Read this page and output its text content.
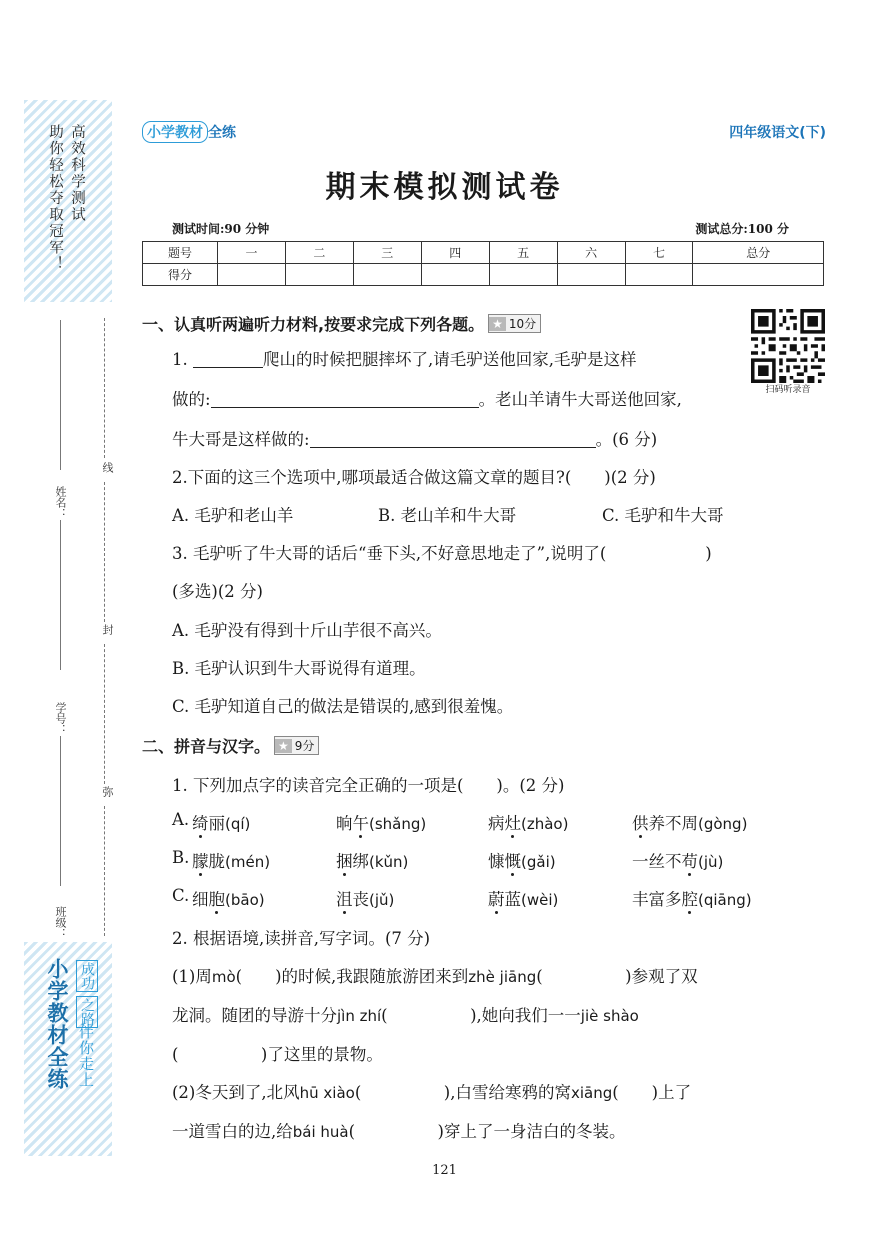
高效科学测试
助你轻松夺取冠军！
姓名：
学号：
班级：
线
封
弥
小学教材全练 伴你走上
成功
之路
小学教材 全练	四年级语文(下)
期末模拟测试卷
测试时间:90 分钟	测试总分:100 分
题号	一	二	三	四	五	六	七	总分
得分								
一、认真听两遍听力材料,按要求完成下列各题。 ★ 10分
扫码听录音
1.	爬山的时候把腿摔坏了,请毛驴送他回家,毛驴是这样
做的:	。老山羊请牛大哥送他回家,
牛大哥是这样做的:	。(6 分)
2.下面的这三个选项中,哪项最适合做这篇文章的题目?(　　)(2 分)
A. 毛驴和老山羊	B. 老山羊和牛大哥	C. 毛驴和牛大哥
3. 毛驴听了牛大哥的话后“垂下头,不好意思地走了”,说明了(　　　　　　)
(多选)(2 分)
A. 毛驴没有得到十斤山芋很不高兴。
B. 毛驴认识到牛大哥说得有道理。
C. 毛驴知道自己的做法是错误的,感到很羞愧。
二、拼音与汉字。 ★ 9分
1. 下列加点字的读音完全正确的一项是(　　)。(2 分)
A. 绮丽(qí)	晌午(shǎng)	病灶(zhào)	供养不周(gòng)
B. 朦胧(mén)	捆绑(kǔn)	慷慨(gǎi)	一丝不苟(jù)
C. 细胞(bāo)	沮丧(jǔ)	蔚蓝(wèi)	丰富多腔(qiāng)
2. 根据语境,读拼音,写字词。(7 分)
(1)周mò(　　)的时候,我跟随旅游团来到zhè jiāng(　　　　　)参观了双
龙洞。随团的导游十分jìn zhí(　　　　　),她向我们一一jiè shào
(　　　　　)了这里的景物。
(2)冬天到了,北风hū xiào(　　　　　),白雪给寒鸦的窝xiāng(　　)上了
一道雪白的边,给bái huà(　　　　　)穿上了一身洁白的冬装。
121
